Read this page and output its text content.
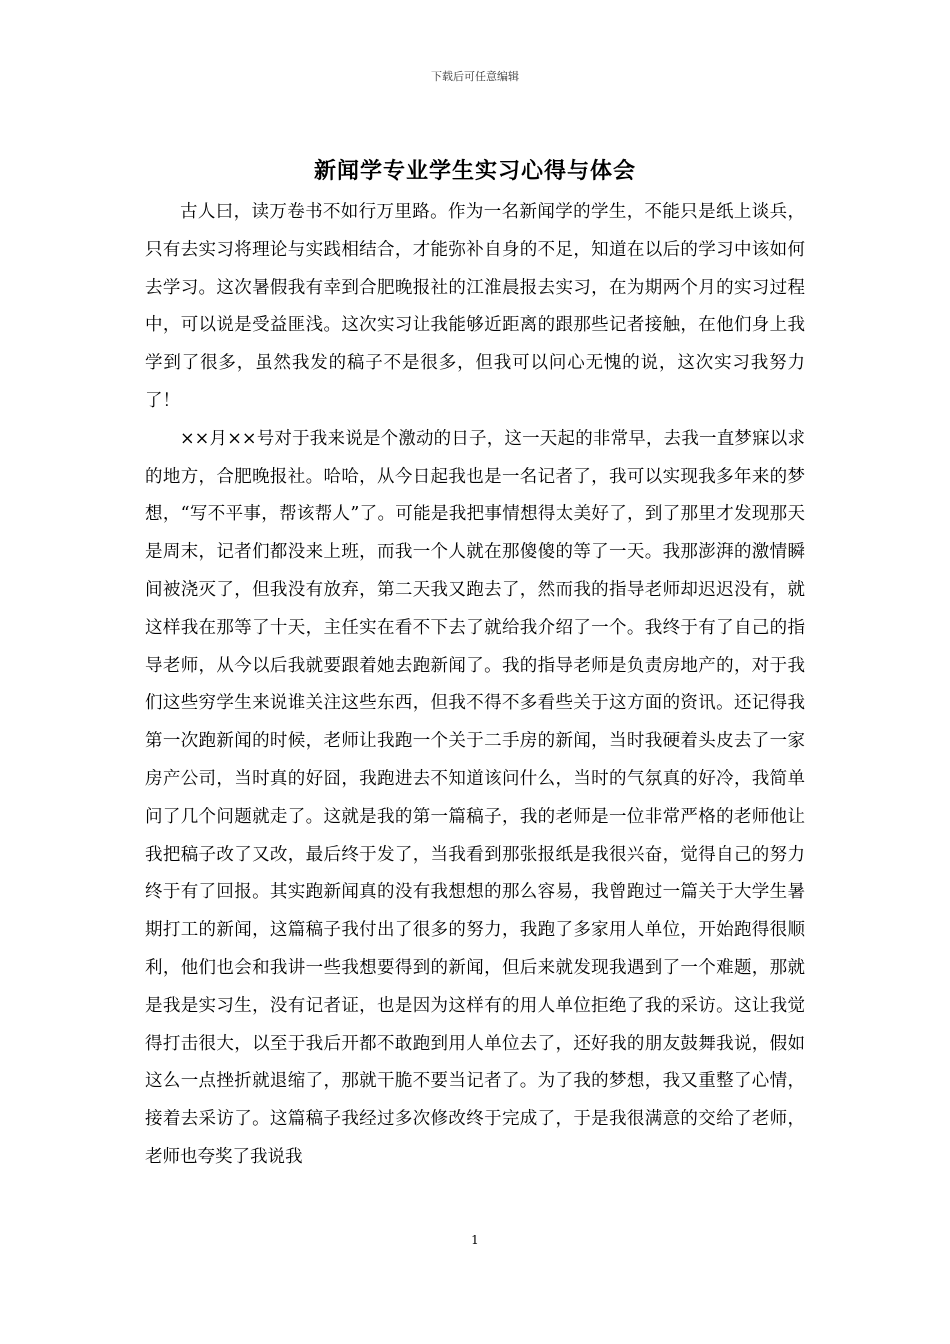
下载后可任意编辑
新闻学专业学生实习心得与体会

古人曰，读万卷书不如行万里路。作为一名新闻学的学生，不能只是纸上谈兵，只有去实习将理论与实践相结合，才能弥补自身的不足，知道在以后的学习中该如何去学习。这次暑假我有幸到合肥晚报社的江淮晨报去实习，在为期两个月的实习过程中，可以说是受益匪浅。这次实习让我能够近距离的跟那些记者接触，在他们身上我学到了很多，虽然我发的稿子不是很多，但我可以问心无愧的说，这次实习我努力了！

××月××号对于我来说是个激动的日子，这一天起的非常早，去我一直梦寐以求的地方，合肥晚报社。哈哈，从今日起我也是一名记者了，我可以实现我多年来的梦想，“写不平事，帮该帮人”了。可能是我把事情想得太美好了，到了那里才发现那天是周末，记者们都没来上班，而我一个人就在那傻傻的等了一天。我那澎湃的激情瞬间被浇灭了，但我没有放弃，第二天我又跑去了，然而我的指导老师却迟迟没有，就这样我在那等了十天，主任实在看不下去了就给我介绍了一个。我终于有了自己的指导老师，从今以后我就要跟着她去跑新闻了。我的指导老师是负责房地产的，对于我们这些穷学生来说谁关注这些东西，但我不得不多看些关于这方面的资讯。还记得我第一次跑新闻的时候，老师让我跑一个关于二手房的新闻，当时我硬着头皮去了一家房产公司，当时真的好囧，我跑进去不知道该问什么，当时的气氛真的好冷，我简单问了几个问题就走了。这就是我的第一篇稿子，我的老师是一位非常严格的老师他让我把稿子改了又改，最后终于发了，当我看到那张报纸是我很兴奋，觉得自己的努力终于有了回报。其实跑新闻真的没有我想想的那么容易，我曾跑过一篇关于大学生暑期打工的新闻，这篇稿子我付出了很多的努力，我跑了多家用人单位，开始跑得很顺利，他们也会和我讲一些我想要得到的新闻，但后来就发现我遇到了一个难题，那就是我是实习生，没有记者证，也是因为这样有的用人单位拒绝了我的采访。这让我觉得打击很大，以至于我后开都不敢跑到用人单位去了，还好我的朋友鼓舞我说，假如这么一点挫折就退缩了，那就干脆不要当记者了。为了我的梦想，我又重整了心情，接着去采访了。这篇稿子我经过多次修改终于完成了，于是我很满意的交给了老师，老师也夸奖了我说我

1
